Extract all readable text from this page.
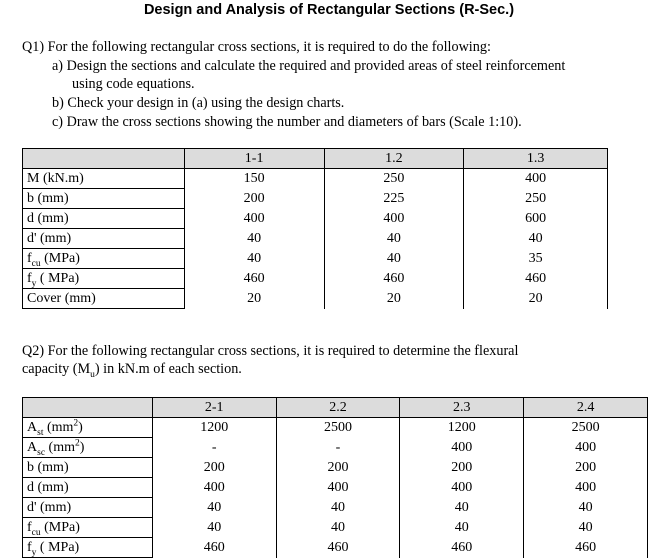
Design and Analysis of Rectangular Sections (R-Sec.)
Q1) For the following rectangular cross sections, it is required to do the following:
a) Design the sections and calculate the required and provided areas of steel reinforcement
using code equations.
b) Check your design in (a) using the design charts.
c) Draw the cross sections showing the number and diameters of bars (Scale 1:10).
	1-1	1.2	1.3
M (kN.m)	150	250	400
b (mm)	200	225	250
d (mm)	400	400	600
d' (mm)	40	40	40
$f_{cu}$ (MPa)	40	40	35
$f_y$ ( MPa)	460	460	460
Cover (mm)	20	20	20
Q2) For the following rectangular cross sections, it is required to determine the flexural
capacity $(M_u)$ in kN.m of each section.
	2-1	2.2	2.3	2.4
$A_{st}$ $(mm^2)$	1200	2500	1200	2500
$A_{sc}$ $(mm^2)$	-	-	400	400
b (mm)	200	200	200	200
d (mm)	400	400	400	400
d' (mm)	40	40	40	40
$f_{cu}$ (MPa)	40	40	40	40
$f_y$ ( MPa)	460	460	460	460
